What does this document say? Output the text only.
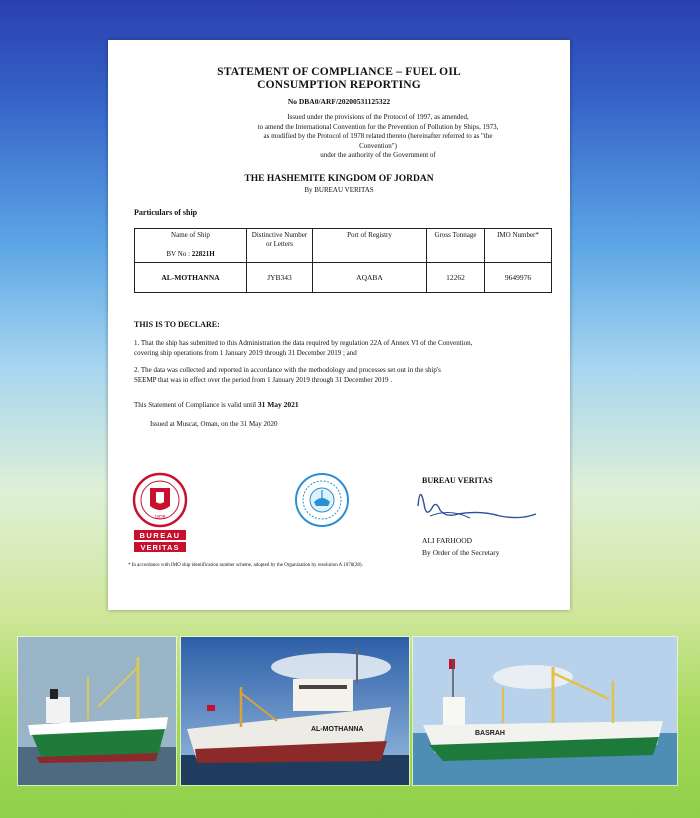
STATEMENT OF COMPLIANCE – FUEL OIL
CONSUMPTION REPORTING
No DBA0/ARF/20200531125322
Issued under the provisions of the Protocol of 1997, as amended,
to amend the International Convention for the Prevention of Pollution by Ships, 1973,
as modified by the Protocol of 1978 related thereto (hereinafter referred to as "the
Convention")
under the authority of the Government of
THE HASHEMITE KINGDOM OF JORDAN
By BUREAU VERITAS
Particulars of ship
Name of Ship
BV No : 22821H	Distinctive Number or Letters	Port of Registry	Gross Tonnage	IMO Number*
AL-MOTHANNA	JYB343	AQABA	12262	9649976
THIS IS TO DECLARE:
1. That the ship has submitted to this Administration the data required by regulation 22A of Annex VI of the Convention,
covering ship operations from 1 January 2019 through 31 December 2019 ; and
2. The data was collected and reported in accordance with the methodology and processes set out in the ship's
SEEMP that was in effect over the period from 1 January 2019 through 31 December 2019 .
This Statement of Compliance is valid until 31 May 2021
Issued at Muscat, Oman, on the 31 May 2020
1828
BUREAU
VERITAS
BUREAU VERITAS
ALI FARHOOD
By Order of the Secretary
* In accordance with IMO ship identification number scheme, adopted by the Organization by resolution A 1078(28).
AL-MOTHANNA
BASRAH
